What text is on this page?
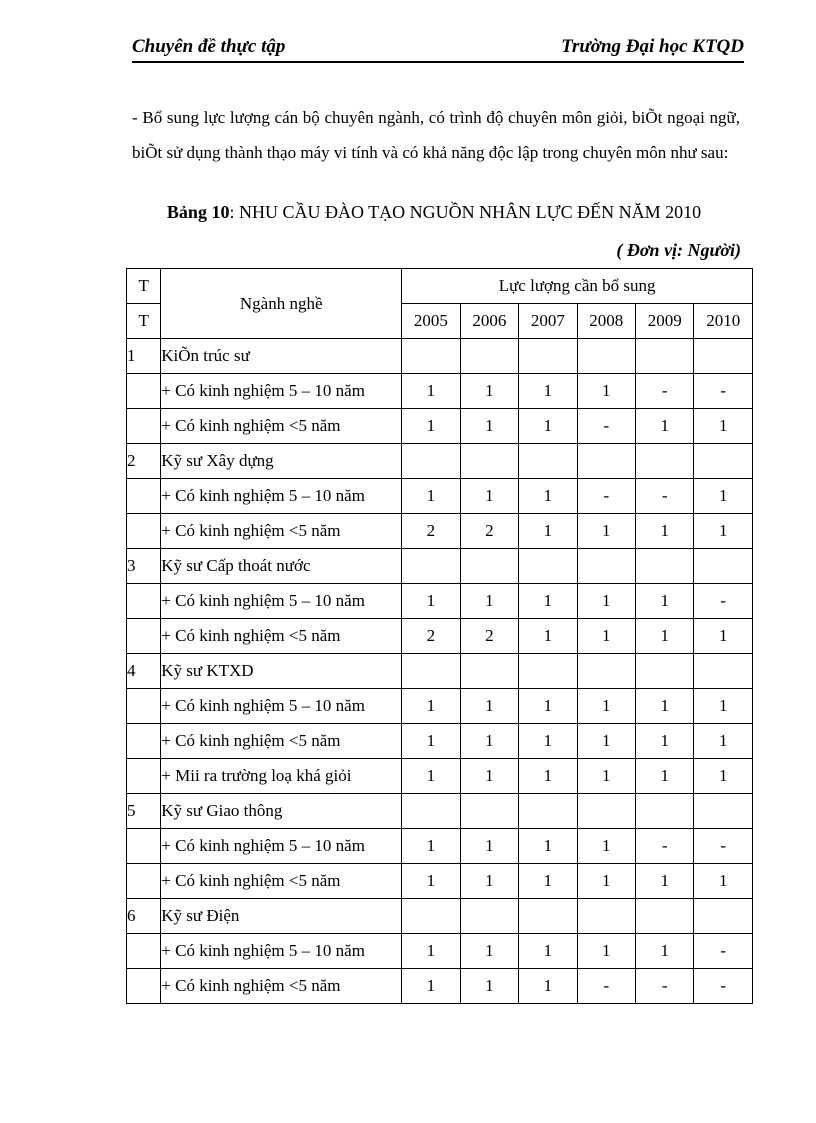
Chuyên đề thực tập	Trường Đại học KTQD
- Bổ sung lực lượng cán bộ chuyên ngành, có trình độ chuyên môn giỏi, biÕt ngoại ngữ, biÕt sử dụng thành thạo máy vi tính và có khả năng độc lập trong chuyên môn như sau:
Bảng 10: NHU CẦU ĐÀO TẠO NGUỒN NHÂN LỰC ĐẾN NĂM 2010
( Đơn vị: Người)
T	Ngành nghề	Lực lượng cần bổ sung					
T		2005	2006	2007	2008	2009	2010
1	KiÕn trúc sư						
	+ Có kinh nghiệm 5 – 10 năm	1	1	1	1	-	-
	+ Có kinh nghiệm <5 năm	1	1	1	-	1	1
2	Kỹ sư Xây dựng						
	+ Có kinh nghiệm 5 – 10 năm	1	1	1	-	-	1
	+ Có kinh nghiệm <5 năm	2	2	1	1	1	1
3	Kỹ sư Cấp thoát nước						
	+ Có kinh nghiệm 5 – 10 năm	1	1	1	1	1	-
	+ Có kinh nghiệm <5 năm	2	2	1	1	1	1
4	Kỹ sư KTXD						
	+ Có kinh nghiệm 5 – 10 năm	1	1	1	1	1	1
	+ Có kinh nghiệm <5 năm	1	1	1	1	1	1
	+ Mii ra trường loạ khá giỏi	1	1	1	1	1	1
5	Kỹ sư Giao thông						
	+ Có kinh nghiệm 5 – 10 năm	1	1	1	1	-	-
	+ Có kinh nghiệm <5 năm	1	1	1	1	1	1
6	Kỹ sư Điện						
	+ Có kinh nghiệm 5 – 10 năm	1	1	1	1	1	-
	+ Có kinh nghiệm <5 năm	1	1	1	-	-	-
